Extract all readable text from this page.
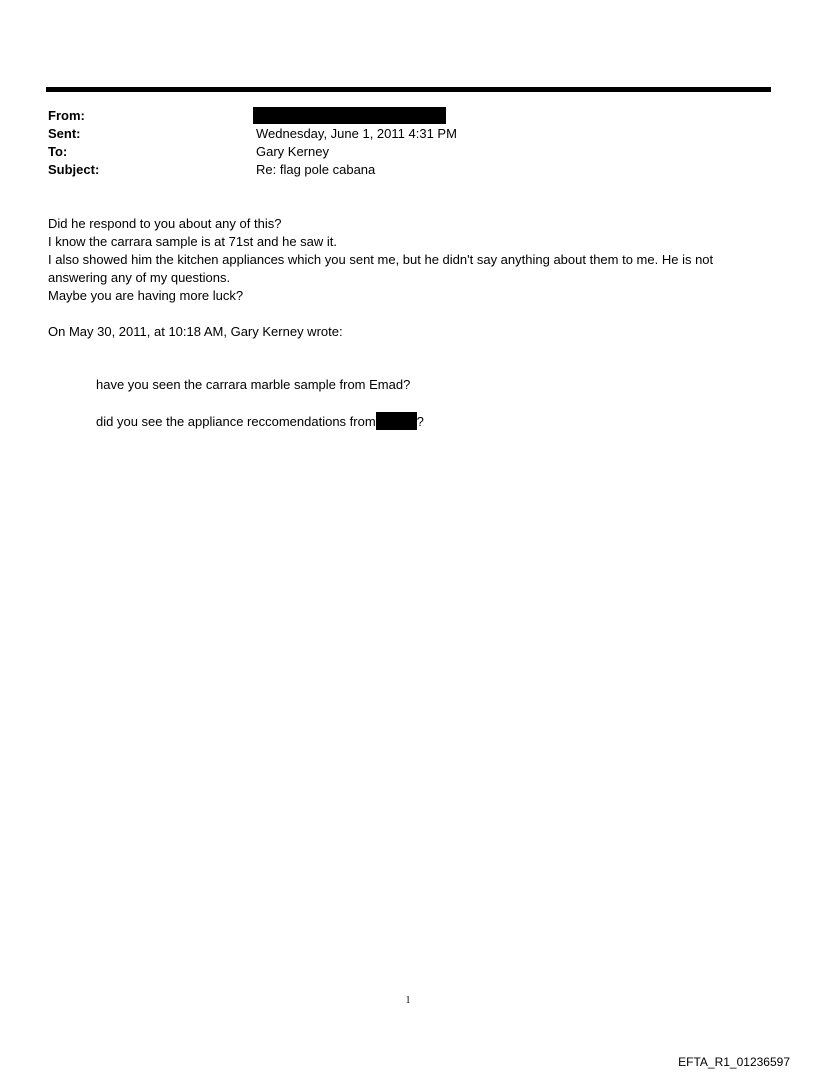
From:
Sent:	Wednesday, June 1, 2011 4:31 PM
To:	Gary Kerney
Subject:	Re: flag pole cabana
Did he respond to you about any of this?
I know the carrara sample is at 71st and he saw it.
I also showed him the kitchen appliances which you sent me, but he didn't say anything about them to me. He is not
answering any of my questions.
Maybe you are having more luck?
On May 30, 2011, at 10:18 AM, Gary Kerney wrote:
have you seen the carrara marble sample from Emad?
did you see the appliance reccomendations from	?
1
EFTA_R1_01236597
